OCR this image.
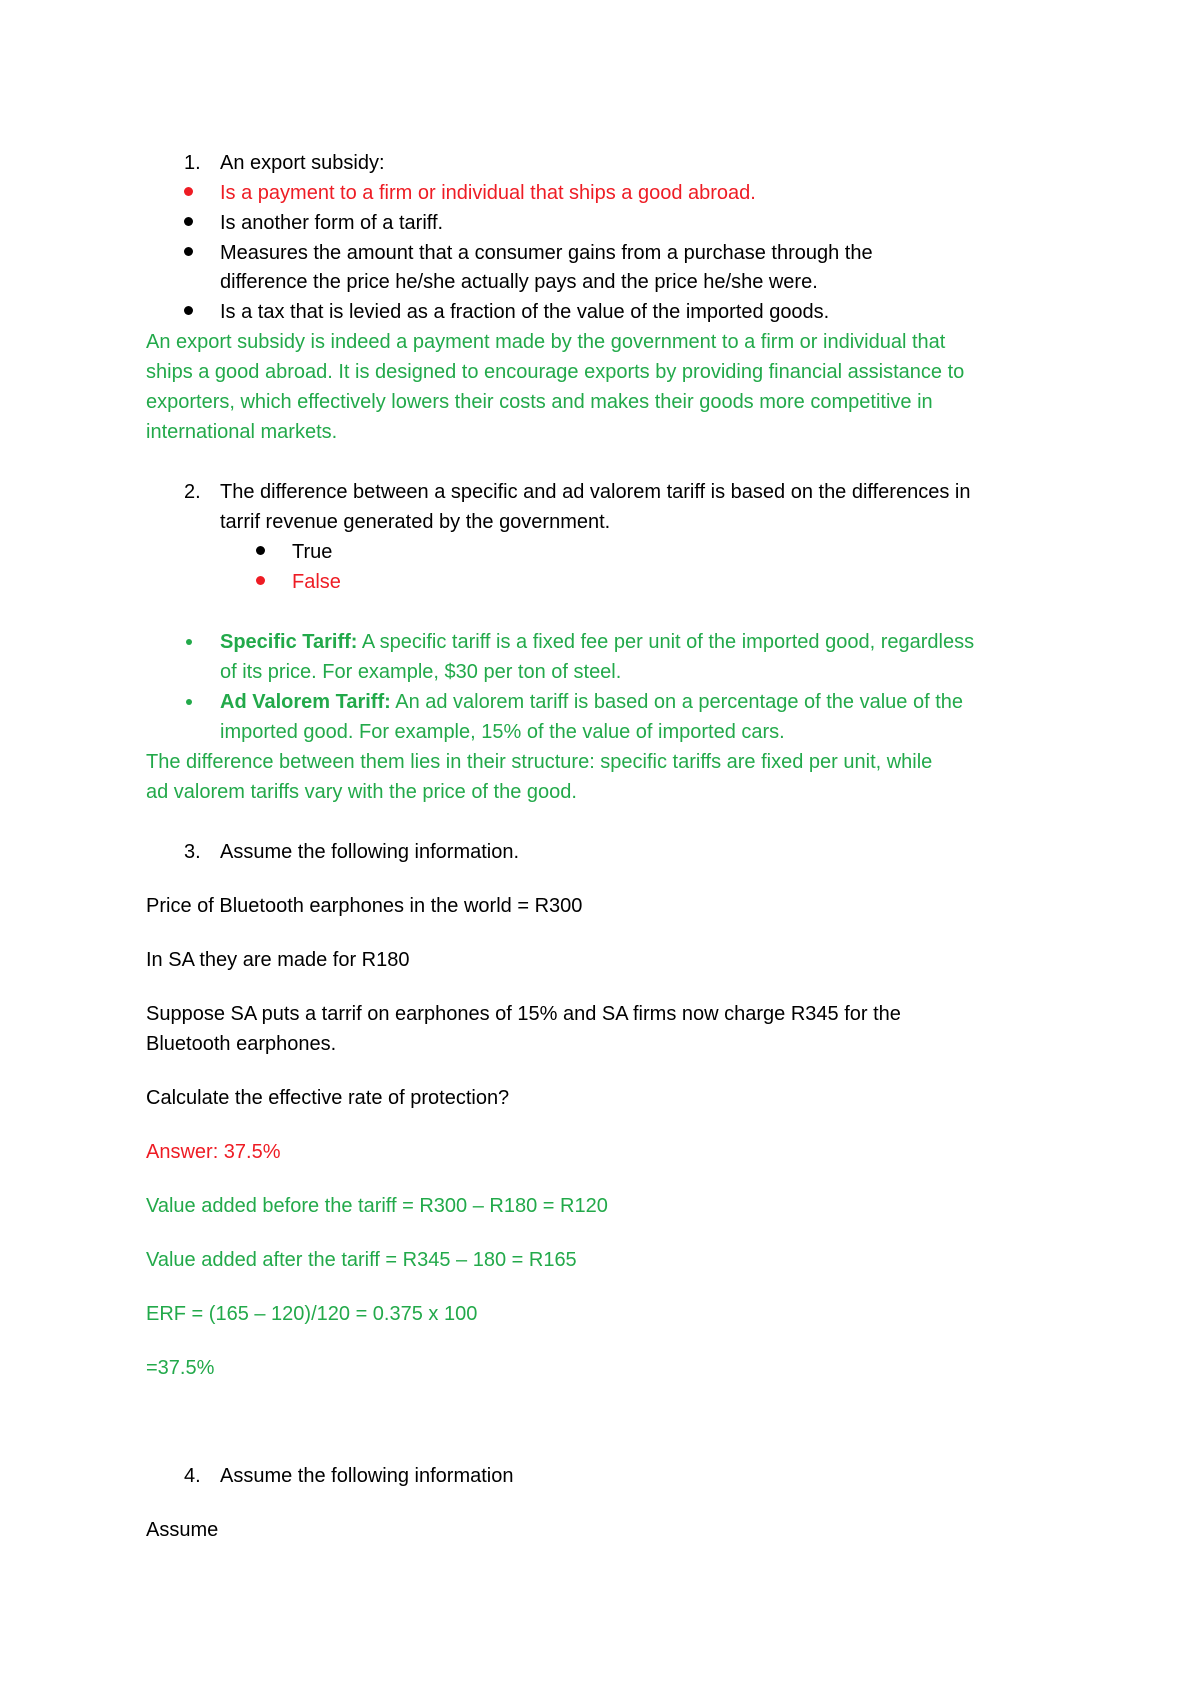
1. An export subsidy:
Is a payment to a firm or individual that ships a good abroad.
Is another form of a tariff.
Measures the amount that a consumer gains from a purchase through the
difference the price he/she actually pays and the price he/she were.
Is a tax that is levied as a fraction of the value of the imported goods.
An export subsidy is indeed a payment made by the government to a firm or individual that
ships a good abroad. It is designed to encourage exports by providing financial assistance to
exporters, which effectively lowers their costs and makes their goods more competitive in
international markets.
2. The difference between a specific and ad valorem tariff is based on the differences in
tarrif revenue generated by the government.
True
False
Specific Tariff: A specific tariff is a fixed fee per unit of the imported good, regardless
of its price. For example, $30 per ton of steel.
Ad Valorem Tariff: An ad valorem tariff is based on a percentage of the value of the
imported good. For example, 15% of the value of imported cars.
The difference between them lies in their structure: specific tariffs are fixed per unit, while
ad valorem tariffs vary with the price of the good.
3. Assume the following information.
Price of Bluetooth earphones in the world = R300
In SA they are made for R180
Suppose SA puts a tarrif on earphones of 15% and SA firms now charge R345 for the
Bluetooth earphones.
Calculate the effective rate of protection?
Answer: 37.5%
Value added before the tariff = R300 – R180 = R120
Value added after the tariff = R345 – 180 = R165
ERF = (165 – 120)/120 = 0.375 x 100
=37.5%
4. Assume the following information
Assume
